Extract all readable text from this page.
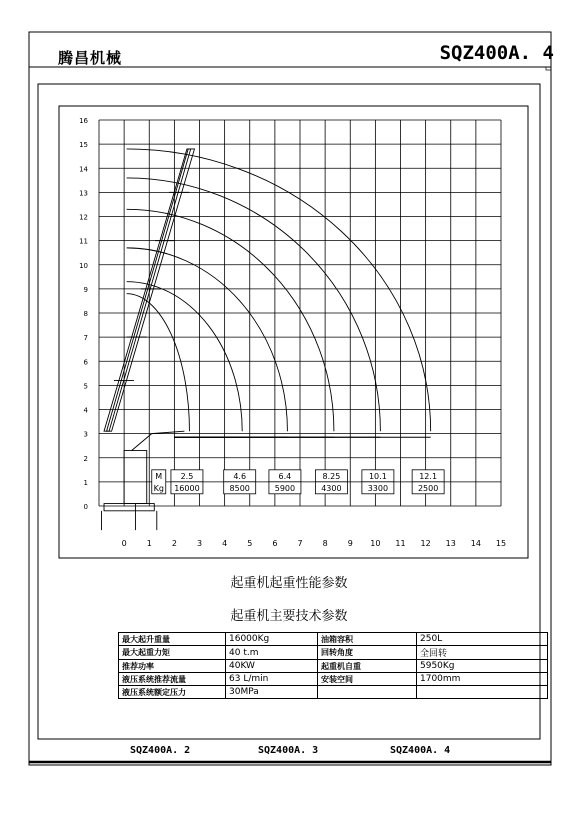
腾昌机械	SQZ400A. 4
0	1	2	3	4	5	6	7	8	9 10 11 12 13 14 15
0
1
2
3
4
5
6
7
8
9
10
11
12
13
14
15
16
M
Kg
2.5
16000
4.6
8500
6.4
5900
8.25
4300
10.1
3300
12.1
2500
起重机起重性能参数
起重机主要技术参数
最大起升重量	16000Kg	油箱容积	250L
最大起重力矩	40 t.m	回转角度	全回转
推荐功率	40KW	起重机自重	5950Kg
液压系统推荐流量	63 L/min	安装空间	1700mm
液压系统额定压力	30MPa		
SQZ400A. 2	SQZ400A. 3	SQZ400A. 4
